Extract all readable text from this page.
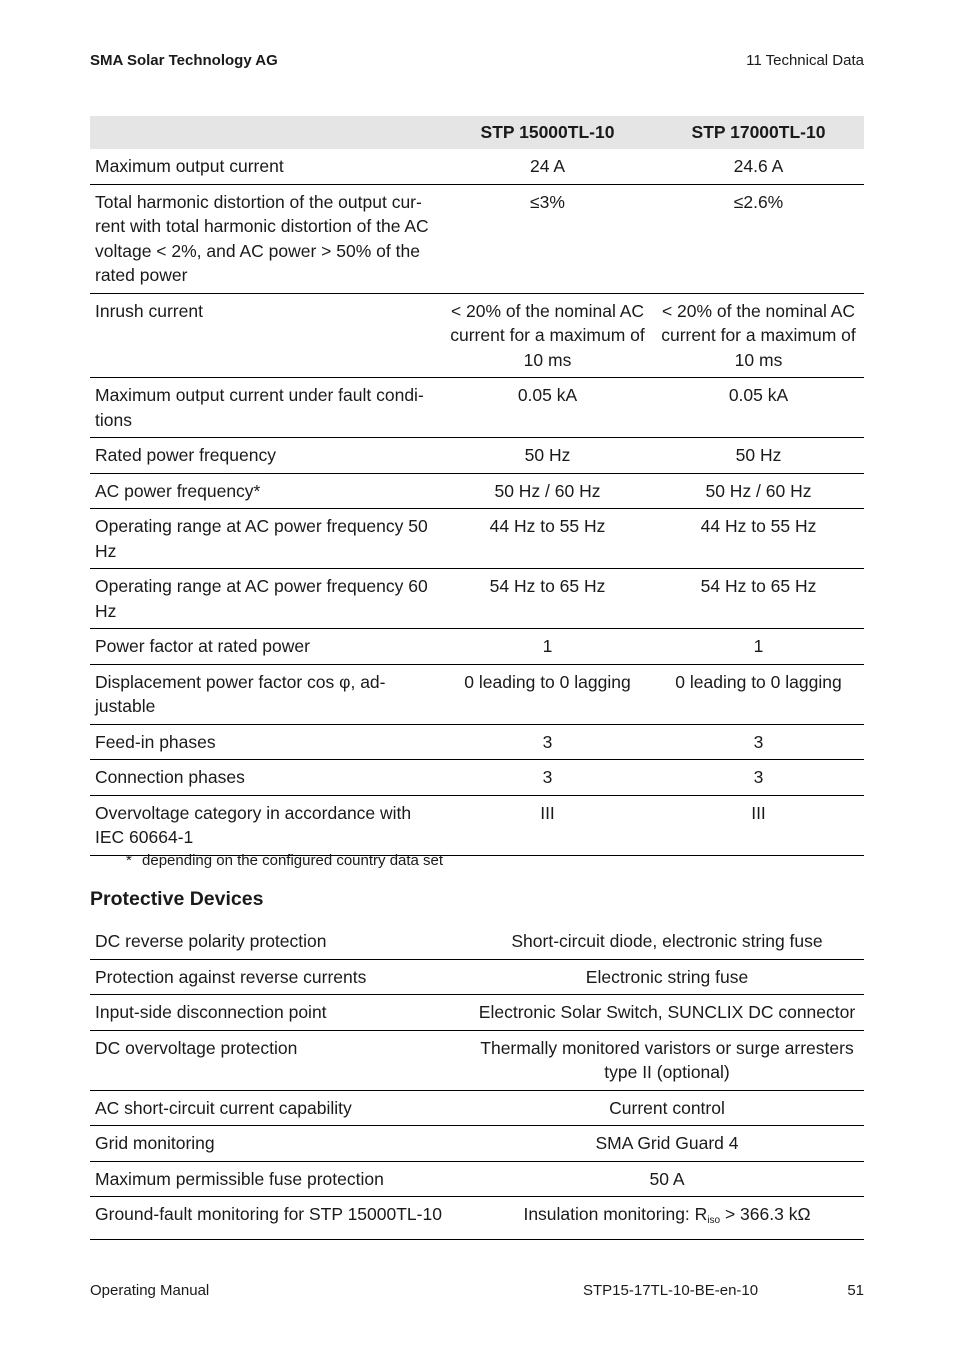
SMA Solar Technology AG	11 Technical Data
	STP 15000TL-10	STP 17000TL-10
Maximum output current	24 A	24.6 A
Total harmonic distortion of the output cur-rent with total harmonic distortion of the AC voltage < 2%, and AC power > 50% of the rated power	≤3%	≤2.6%
Inrush current	< 20% of the nominal AC current for a maximum of 10 ms	< 20% of the nominal AC current for a maximum of 10 ms
Maximum output current under fault condi-tions	0.05 kA	0.05 kA
Rated power frequency	50 Hz	50 Hz
AC power frequency*	50 Hz / 60 Hz	50 Hz / 60 Hz
Operating range at AC power frequency 50 Hz	44 Hz to 55 Hz	44 Hz to 55 Hz
Operating range at AC power frequency 60 Hz	54 Hz to 65 Hz	54 Hz to 65 Hz
Power factor at rated power	1	1
Displacement power factor cos φ, ad-justable	0 leading to 0 lagging	0 leading to 0 lagging
Feed-in phases	3	3
Connection phases	3	3
Overvoltage category in accordance with IEC 60664-1	III	III
* depending on the configured country data set
Protective Devices
DC reverse polarity protection	Short-circuit diode, electronic string fuse
Protection against reverse currents	Electronic string fuse
Input-side disconnection point	Electronic Solar Switch, SUNCLIX DC connector
DC overvoltage protection	Thermally monitored varistors or surge arresters type II (optional)
AC short-circuit current capability	Current control
Grid monitoring	SMA Grid Guard 4
Maximum permissible fuse protection	50 A
Ground-fault monitoring for STP 15000TL-10	Insulation monitoring: $R_{iso} > 366.3$ kΩ
Operating Manual	STP15-17TL-10-BE-en-10	51
